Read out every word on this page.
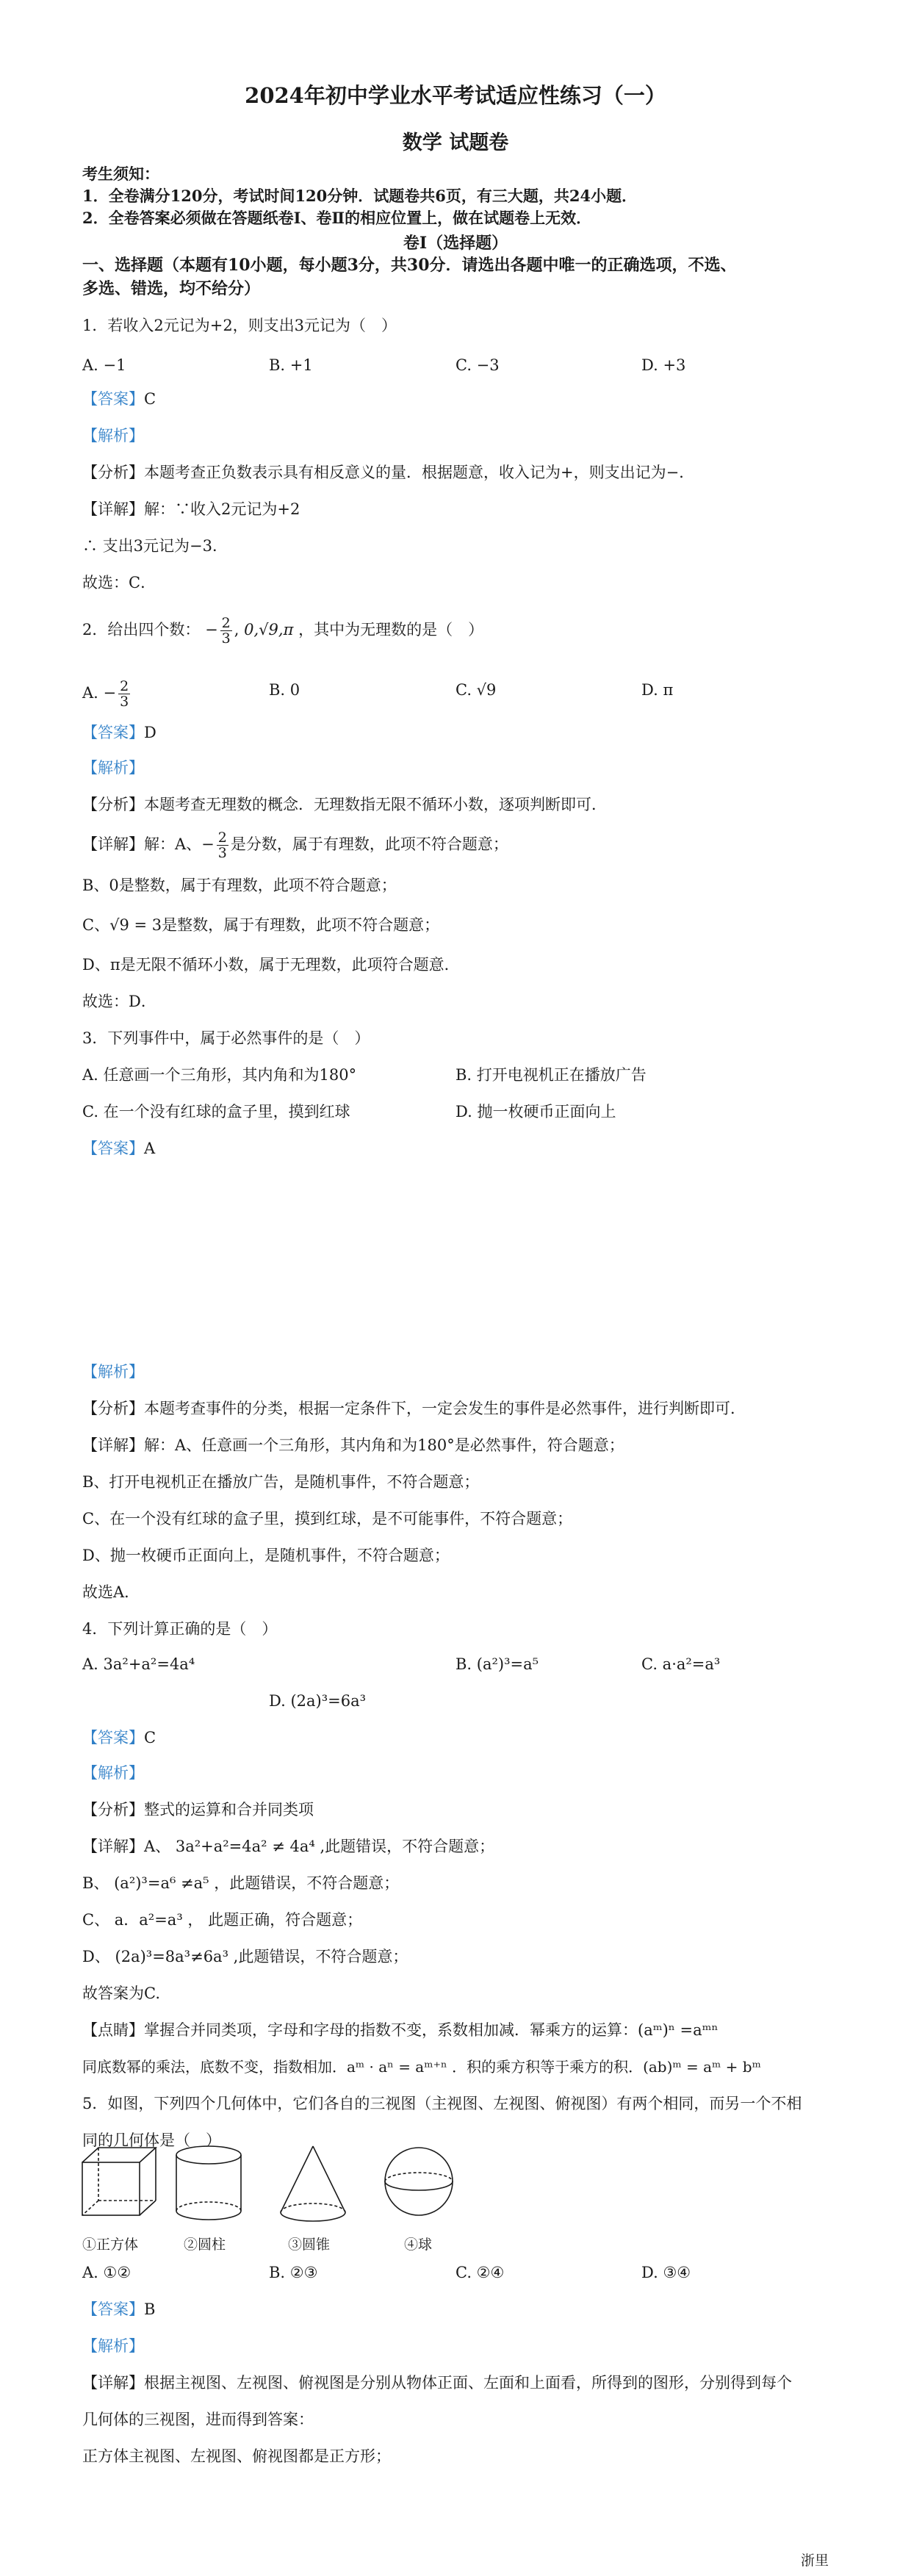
2024年初中学业水平考试适应性练习（一）
数学 试题卷
考生须知：
1．全卷满分120分，考试时间120分钟．试题卷共6页，有三大题，共24小题．
2．全卷答案必须做在答题纸卷Ⅰ、卷Ⅱ的相应位置上，做在试题卷上无效．
卷I（选择题）
一、选择题（本题有10小题，每小题3分，共30分．请选出各题中唯一的正确选项，不选、
多选、错选，均不给分）
1．若收入2元记为+2，则支出3元记为（　）
A. −1	B. +1	C. −3	D. +3
【答案】C
【解析】
【分析】本题考查正负数表示具有相反意义的量．根据题意，收入记为+，则支出记为−．
【详解】解：∵收入2元记为+2
∴ 支出3元记为−3．
故选：C．
2．给出四个数： − $\frac{2}{3}$ , 0,√9,π ，其中为无理数的是（　）
A. − $\frac{2}{3}$	B. 0	C. √9	D. π
【答案】D
【解析】
【分析】本题考查无理数的概念．无理数指无限不循环小数，逐项判断即可．
【详解】解：A、− $\frac{2}{3}$ 是分数，属于有理数，此项不符合题意；
B、0是整数，属于有理数，此项不符合题意；
C、√9 = 3是整数，属于有理数，此项不符合题意；
D、π是无限不循环小数，属于无理数，此项符合题意．
故选：D．
3．下列事件中，属于必然事件的是（　）
A. 任意画一个三角形，其内角和为180°	B. 打开电视机正在播放广告
C. 在一个没有红球的盒子里，摸到红球	D. 抛一枚硬币正面向上
【答案】A
【解析】
【分析】本题考查事件的分类，根据一定条件下，一定会发生的事件是必然事件，进行判断即可．
【详解】解：A、任意画一个三角形，其内角和为180°是必然事件，符合题意；
B、打开电视机正在播放广告，是随机事件，不符合题意；
C、在一个没有红球的盒子里，摸到红球，是不可能事件，不符合题意；
D、抛一枚硬币正面向上，是随机事件，不符合题意；
故选A．
4．下列计算正确的是（　）
A. 3a²+a²=4a⁴	B. (a²)³=a⁵	C. a·a²=a³
D. (2a)³=6a³
【答案】C
【解析】
【分析】整式的运算和合并同类项
【详解】A、 3a²+a²=4a² ≠ 4a⁴ ,此题错误，不符合题意；
B、 (a²)³=a⁶ ≠a⁵ ，此题错误，不符合题意；
C、 a．a²=a³ ， 此题正确，符合题意；
D、 (2a)³=8a³≠6a³ ,此题错误，不符合题意；
故答案为C.
【点睛】掌握合并同类项，字母和字母的指数不变，系数相加减．幂乘方的运算：(aᵐ)ⁿ =aᵐⁿ
同底数幂的乘法，底数不变，指数相加．aᵐ · aⁿ = aᵐ⁺ⁿ ．积的乘方积等于乘方的积．(ab)ᵐ = aᵐ + bᵐ
5．如图，下列四个几何体中，它们各自的三视图（主视图、左视图、俯视图）有两个相同，而另一个不相
同的几何体是（　）
①正方体	②圆柱	③圆锥	④球
A. ①②	B. ②③	C. ②④	D. ③④
【答案】B
【解析】
【详解】根据主视图、左视图、俯视图是分别从物体正面、左面和上面看，所得到的图形，分别得到每个
几何体的三视图，进而得到答案：
正方体主视图、左视图、俯视图都是正方形；
浙里
